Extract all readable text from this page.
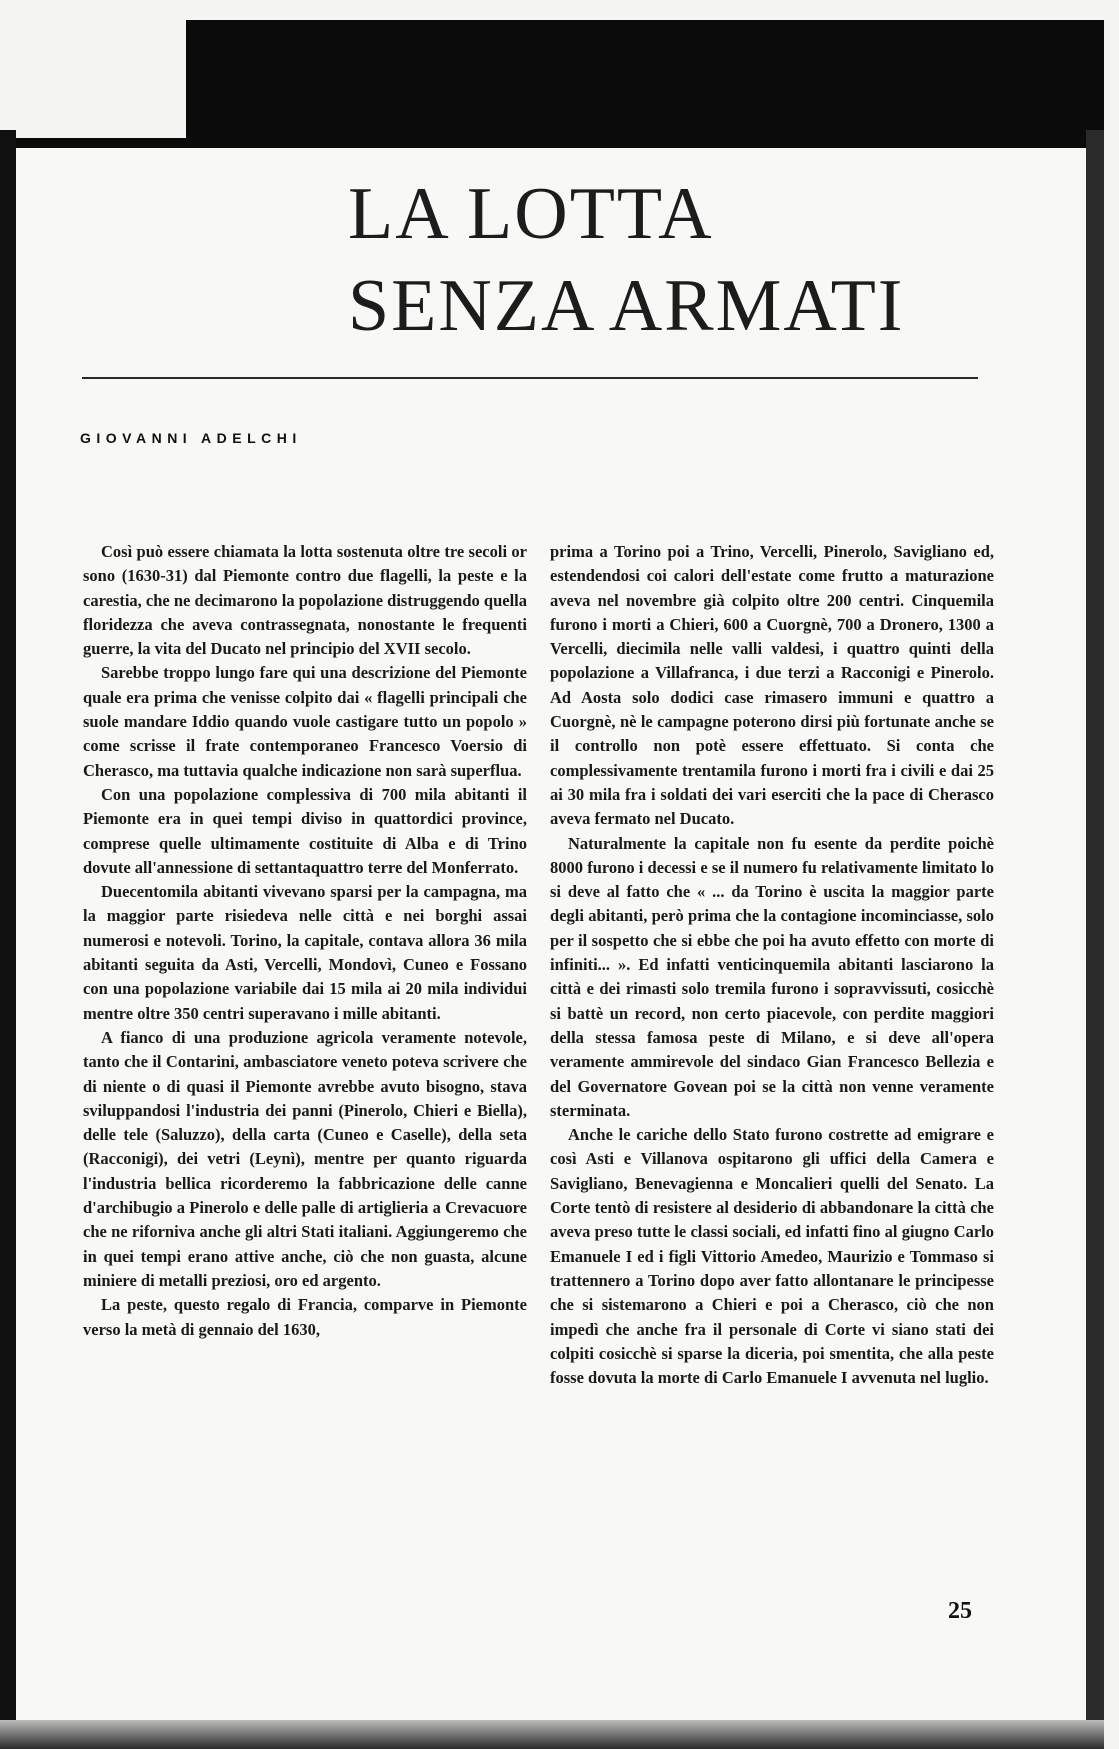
LA LOTTA
SENZA ARMATI
GIOVANNI ADELCHI

Così può essere chiamata la lotta sostenuta oltre tre secoli or sono (1630-31) dal Piemonte contro due flagelli, la peste e la carestia, che ne decimarono la popolazione distruggendo quella floridezza che aveva contrassegnata, nonostante le frequenti guerre, la vita del Ducato nel principio del XVII secolo.

Sarebbe troppo lungo fare qui una descrizione del Piemonte quale era prima che venisse colpito dai « flagelli principali che suole mandare Iddio quando vuole castigare tutto un popolo » come scrisse il frate contemporaneo Francesco Voersio di Cherasco, ma tuttavia qualche indicazione non sarà superflua.

Con una popolazione complessiva di 700 mila abitanti il Piemonte era in quei tempi diviso in quattordici province, comprese quelle ultimamente costituite di Alba e di Trino dovute all'annessione di settantaquattro terre del Monferrato.

Duecentomila abitanti vivevano sparsi per la campagna, ma la maggior parte risiedeva nelle città e nei borghi assai numerosi e notevoli. Torino, la capitale, contava allora 36 mila abitanti seguita da Asti, Vercelli, Mondovì, Cuneo e Fossano con una popolazione variabile dai 15 mila ai 20 mila individui mentre oltre 350 centri superavano i mille abitanti.

A fianco di una produzione agricola veramente notevole, tanto che il Contarini, ambasciatore veneto poteva scrivere che di niente o di quasi il Piemonte avrebbe avuto bisogno, stava sviluppandosi l'industria dei panni (Pinerolo, Chieri e Biella), delle tele (Saluzzo), della carta (Cuneo e Caselle), della seta (Racconigi), dei vetri (Leynì), mentre per quanto riguarda l'industria bellica ricorderemo la fabbricazione delle canne d'archibugio a Pinerolo e delle palle di artiglieria a Crevacuore che ne riforniva anche gli altri Stati italiani. Aggiungeremo che in quei tempi erano attive anche, ciò che non guasta, alcune miniere di metalli preziosi, oro ed argento.

La peste, questo regalo di Francia, comparve in Piemonte verso la metà di gennaio del 1630,

prima a Torino poi a Trino, Vercelli, Pinerolo, Savigliano ed, estendendosi coi calori dell'estate come frutto a maturazione aveva nel novembre già colpito oltre 200 centri. Cinquemila furono i morti a Chieri, 600 a Cuorgnè, 700 a Dronero, 1300 a Vercelli, diecimila nelle valli valdesi, i quattro quinti della popolazione a Villafranca, i due terzi a Racconigi e Pinerolo. Ad Aosta solo dodici case rimasero immuni e quattro a Cuorgnè, nè le campagne poterono dirsi più fortunate anche se il controllo non potè essere effettuato. Si conta che complessivamente trentamila furono i morti fra i civili e dai 25 ai 30 mila fra i soldati dei vari eserciti che la pace di Cherasco aveva fermato nel Ducato.

Naturalmente la capitale non fu esente da perdite poichè 8000 furono i decessi e se il numero fu relativamente limitato lo si deve al fatto che « ... da Torino è uscita la maggior parte degli abitanti, però prima che la contagione incominciasse, solo per il sospetto che si ebbe che poi ha avuto effetto con morte di infiniti... ». Ed infatti venticinquemila abitanti lasciarono la città e dei rimasti solo tremila furono i sopravvissuti, cosicchè si battè un record, non certo piacevole, con perdite maggiori della stessa famosa peste di Milano, e si deve all'opera veramente ammirevole del sindaco Gian Francesco Bellezia e del Governatore Govean poi se la città non venne veramente sterminata.

Anche le cariche dello Stato furono costrette ad emigrare e così Asti e Villanova ospitarono gli uffici della Camera e Savigliano, Benevagienna e Moncalieri quelli del Senato. La Corte tentò di resistere al desiderio di abbandonare la città che aveva preso tutte le classi sociali, ed infatti fino al giugno Carlo Emanuele I ed i figli Vittorio Amedeo, Maurizio e Tommaso si trattennero a Torino dopo aver fatto allontanare le principesse che si sistemarono a Chieri e poi a Cherasco, ciò che non impedì che anche fra il personale di Corte vi siano stati dei colpiti cosicchè si sparse la diceria, poi smentita, che alla peste fosse dovuta la morte di Carlo Emanuele I avvenuta nel luglio.

25
